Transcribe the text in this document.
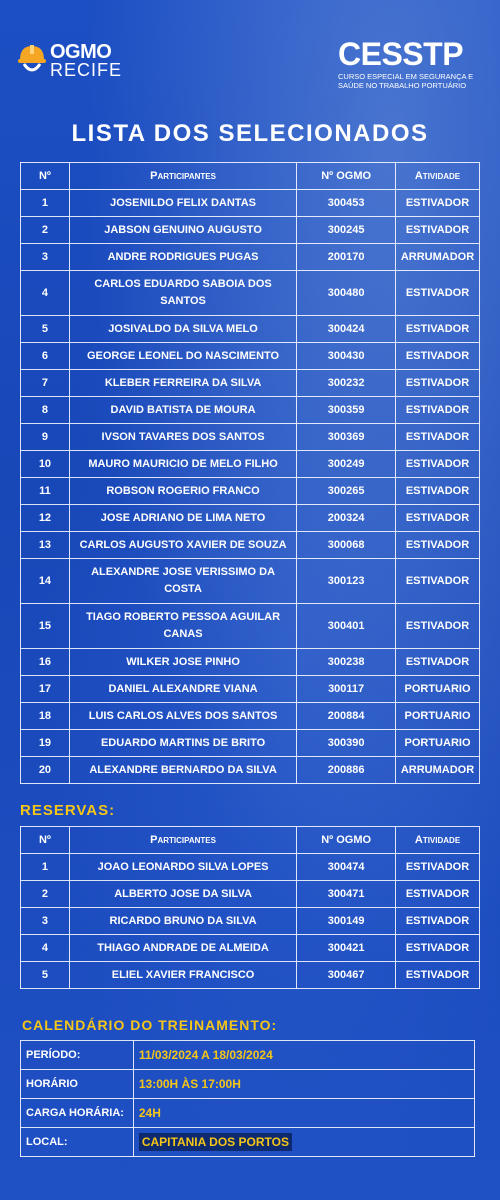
OGMO
RECIFE	CESSTP
CURSO ESPECIAL EM SEGURANÇA E SAÚDE NO TRABALHO PORTUÁRIO
LISTA DOS SELECIONADOS
Nº	Participantes	Nº OGMO	Atividade
1	JOSENILDO FELIX DANTAS	300453	ESTIVADOR
2	JABSON GENUINO AUGUSTO	300245	ESTIVADOR
3	ANDRE RODRIGUES PUGAS	200170	ARRUMADOR
4	CARLOS EDUARDO SABOIA DOS SANTOS	300480	ESTIVADOR
5	JOSIVALDO DA SILVA MELO	300424	ESTIVADOR
6	GEORGE LEONEL DO NASCIMENTO	300430	ESTIVADOR
7	KLEBER FERREIRA DA SILVA	300232	ESTIVADOR
8	DAVID BATISTA DE MOURA	300359	ESTIVADOR
9	IVSON TAVARES DOS SANTOS	300369	ESTIVADOR
10	MAURO MAURICIO DE MELO FILHO	300249	ESTIVADOR
11	ROBSON ROGERIO FRANCO	300265	ESTIVADOR
12	JOSE ADRIANO DE LIMA NETO	200324	ESTIVADOR
13	CARLOS AUGUSTO XAVIER DE SOUZA	300068	ESTIVADOR
14	ALEXANDRE JOSE VERISSIMO DA COSTA	300123	ESTIVADOR
15	TIAGO ROBERTO PESSOA AGUILAR CANAS	300401	ESTIVADOR
16	WILKER JOSE PINHO	300238	ESTIVADOR
17	DANIEL ALEXANDRE VIANA	300117	PORTUARIO
18	LUIS CARLOS ALVES DOS SANTOS	200884	PORTUARIO
19	EDUARDO MARTINS DE BRITO	300390	PORTUARIO
20	ALEXANDRE BERNARDO DA SILVA	200886	ARRUMADOR
RESERVAS:
Nº	Participantes	Nº OGMO	Atividade
1	JOAO LEONARDO SILVA LOPES	300474	ESTIVADOR
2	ALBERTO JOSE DA SILVA	300471	ESTIVADOR
3	RICARDO BRUNO DA SILVA	300149	ESTIVADOR
4	THIAGO ANDRADE DE ALMEIDA	300421	ESTIVADOR
5	ELIEL XAVIER FRANCISCO	300467	ESTIVADOR
CALENDÁRIO DO TREINAMENTO:
PERÍODO:	11/03/2024 A 18/03/2024
HORÁRIO	13:00H ÀS 17:00H
CARGA HORÁRIA:	24H
LOCAL:	CAPITANIA DOS PORTOS
